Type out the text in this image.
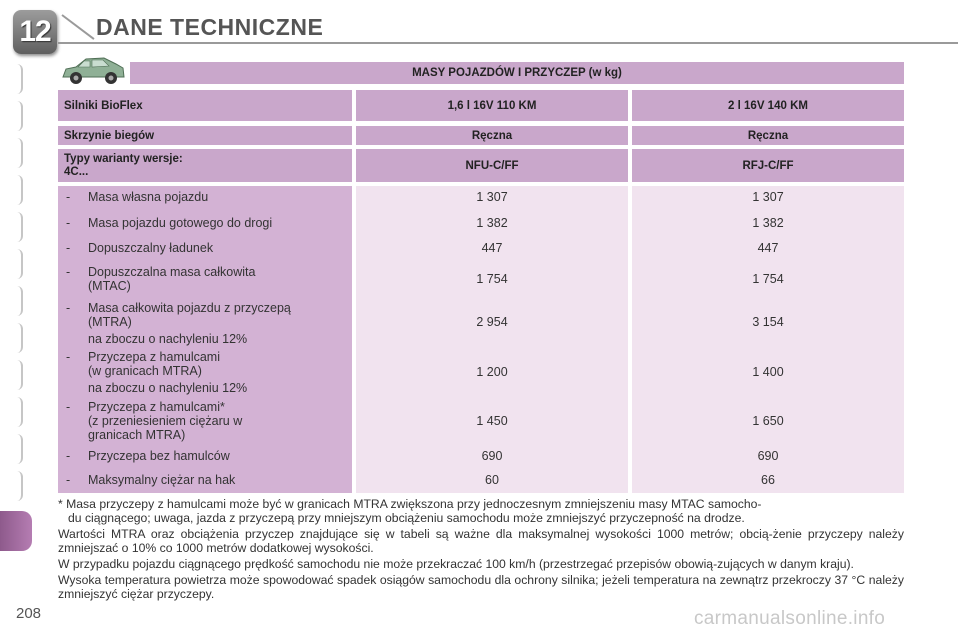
12 DANE TECHNICZNE
MASY POJAZDÓW I PRZYCZEP (w kg)
Silniki BioFlex	1,6 l 16V 110 KM	2 l 16V 140 KM
Skrzynie biegów	Ręczna	Ręczna
Typy warianty wersje:
4C...	NFU-C/FF	RFJ-C/FF
- Masa własna pojazdu	1 307	1 307
- Masa pojazdu gotowego do drogi	1 382	1 382
- Dopuszczalny ładunek	447	447
- Dopuszczalna masa całkowita
(MTAC)	1 754	1 754
- Masa całkowita pojazdu z przyczepą
(MTRA)
na zboczu o nachyleniu 12%
2 954	3 154
- Przyczepa z hamulcami
(w granicach MTRA)
na zboczu o nachyleniu 12%
1 200	1 400
- Przyczepa z hamulcami*
(z przeniesieniem ciężaru w
granicach MTRA)
1 450	1 650
- Przyczepa bez hamulców	690	690
- Maksymalny ciężar na hak	60	66

* Masa przyczepy z hamulcami może być w granicach MTRA zwiększona przy jednoczesnym zmniejszeniu masy MTAC samocho-
du ciągnącego; uwaga, jazda z przyczepą przy mniejszym obciążeniu samochodu może zmniejszyć przyczepność na drodze.

Wartości MTRA oraz obciążenia przyczep znajdujące się w tabeli są ważne dla maksymalnej wysokości 1000 metrów; obcią-żenie przyczepy należy zmniejszać o 10% co 1000 metrów dodatkowej wysokości.

W przypadku pojazdu ciągnącego prędkość samochodu nie może przekraczać 100 km/h (przestrzegać przepisów obowią-zujących w danym kraju).

Wysoka temperatura powietrza może spowodować spadek osiągów samochodu dla ochrony silnika; jeżeli temperatura na zewnątrz przekroczy 37 °C należy zmniejszyć ciężar przyczepy.

208	carmanualsonline.info
